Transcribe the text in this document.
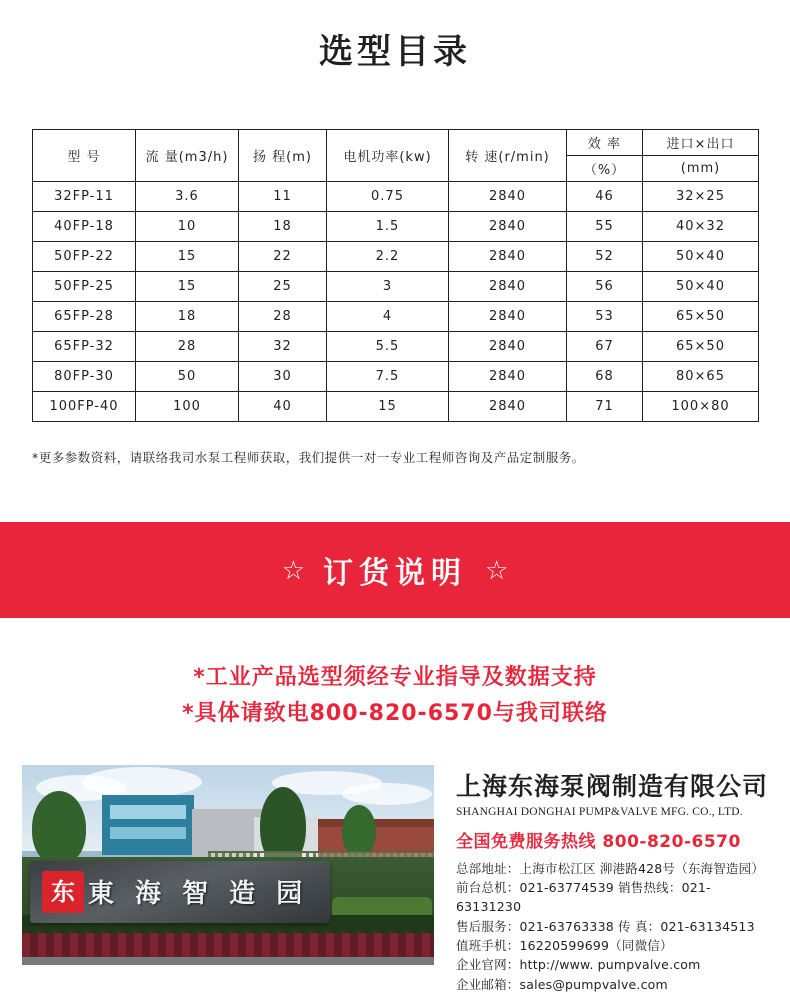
选型目录
型 号	流 量(m3/h)	扬 程(m)	电机功率(kw)	转 速(r/min)	效 率	进口×出口
					（%）	(mm)
32FP-11	3.6	11	0.75	2840	46	32×25
40FP-18	10	18	1.5	2840	55	40×32
50FP-22	15	22	2.2	2840	52	50×40
50FP-25	15	25	3	2840	56	50×40
65FP-28	18	28	4	2840	53	65×50
65FP-32	28	32	5.5	2840	67	65×50
80FP-30	50	30	7.5	2840	68	80×65
100FP-40	100	40	15	2840	71	100×80
*更多参数资料，请联络我司水泵工程师获取，我们提供一对一专业工程师咨询及产品定制服务。
☆ 订货说明 ☆
*工业产品选型须经专业指导及数据支持
*具体请致电800-820-6570与我司联络
东 東 海 智 造 园
上海东海泵阀制造有限公司
SHANGHAI DONGHAI PUMP&VALVE MFG. CO., LTD.
全国免费服务热线 800-820-6570
总部地址：上海市松江区 泖港路428号（东海智造园）
前台总机：021-63774539 销售热线：021-63131230
售后服务：021-63763338 传 真：021-63134513
值班手机：16220599699（同微信）
企业官网：http://www. pumpvalve.com
企业邮箱：sales@pumpvalve.com
